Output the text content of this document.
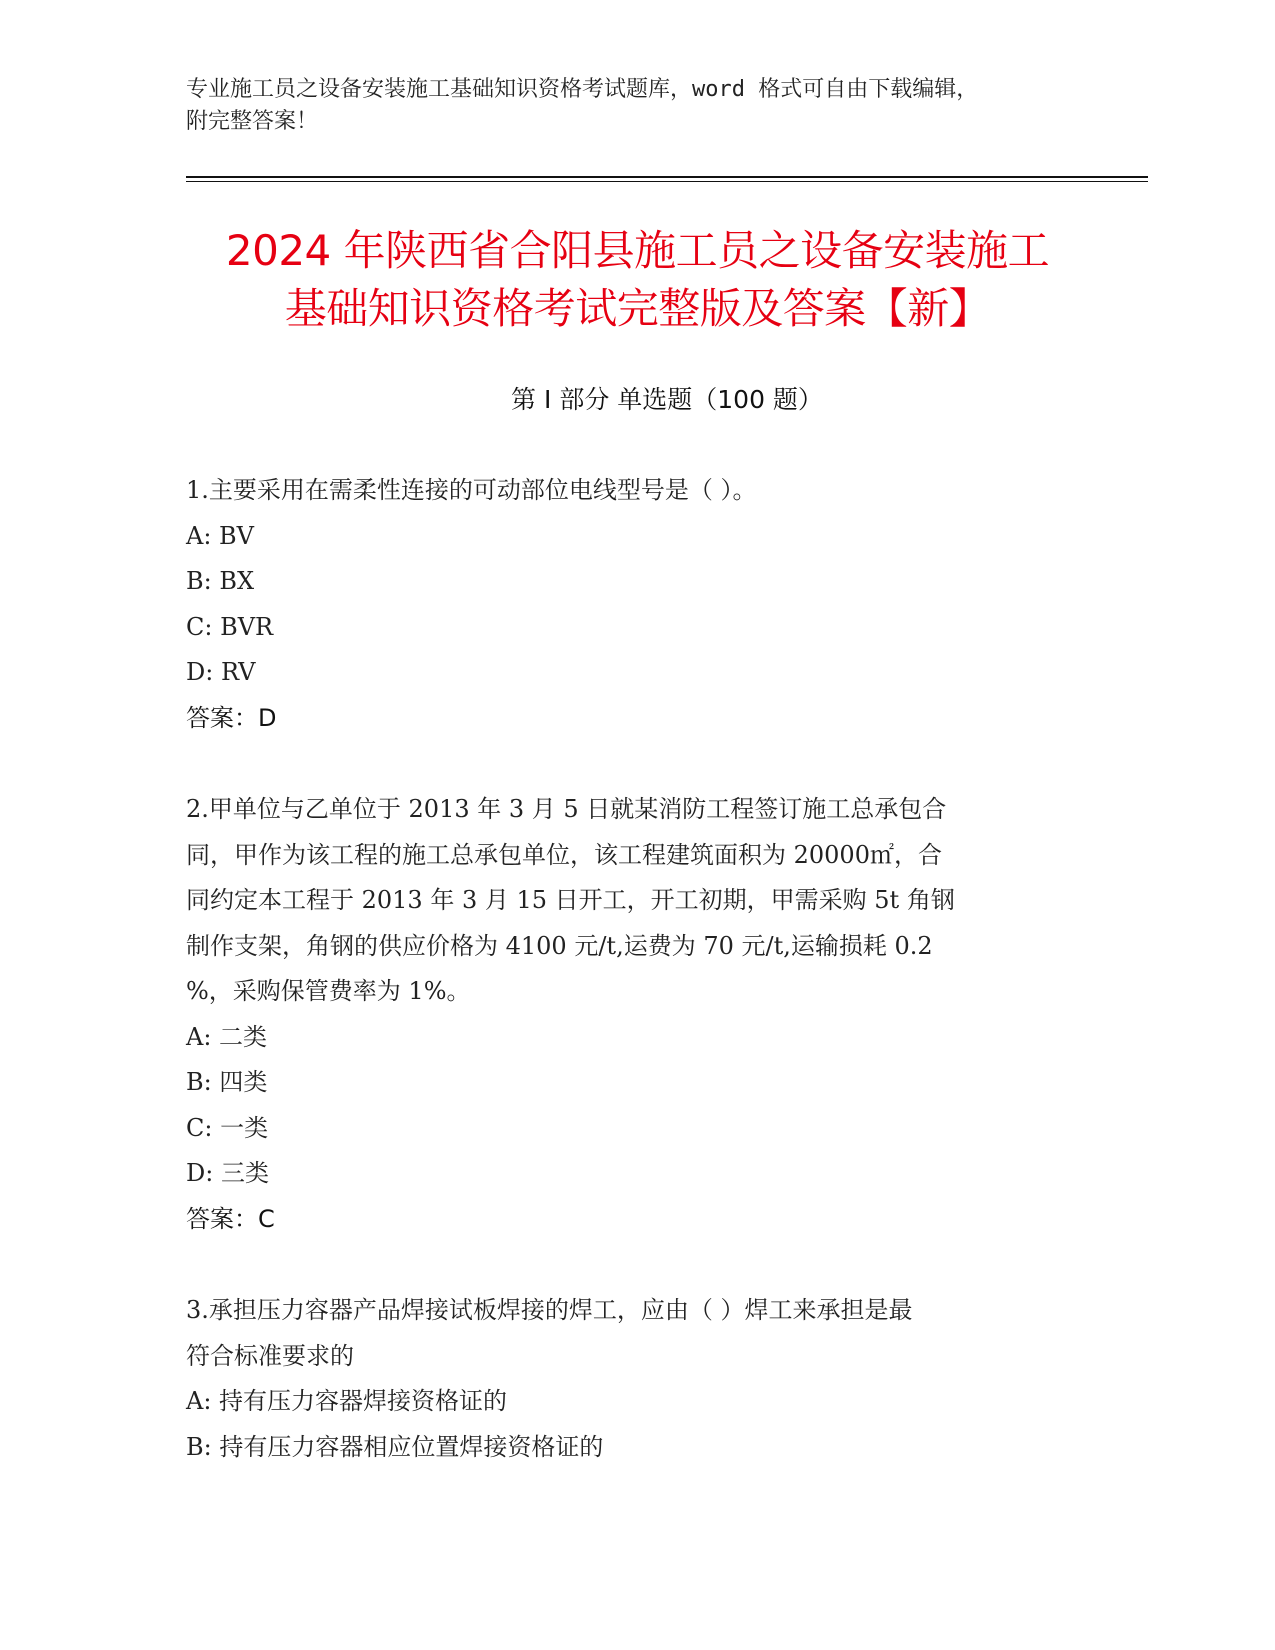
专业施工员之设备安装施工基础知识资格考试题库，word 格式可自由下载编辑，
附完整答案！
2024 年陕西省合阳县施工员之设备安装施工
基础知识资格考试完整版及答案【新】
第 I 部分 单选题（100 题）
1.主要采用在需柔性连接的可动部位电线型号是（ ）。
A: BV
B: BX
C: BVR
D: RV
答案：D
2.甲单位与乙单位于 2013 年 3 月 5 日就某消防工程签订施工总承包合
同，甲作为该工程的施工总承包单位，该工程建筑面积为 20000㎡，合
同约定本工程于 2013 年 3 月 15 日开工，开工初期，甲需采购 5t 角钢
制作支架，角钢的供应价格为 4100 元/t,运费为 70 元/t,运输损耗 0.2
%，采购保管费率为 1%。
A: 二类
B: 四类
C: 一类
D: 三类
答案：C
3.承担压力容器产品焊接试板焊接的焊工，应由（ ）焊工来承担是最
符合标准要求的
A: 持有压力容器焊接资格证的
B: 持有压力容器相应位置焊接资格证的
